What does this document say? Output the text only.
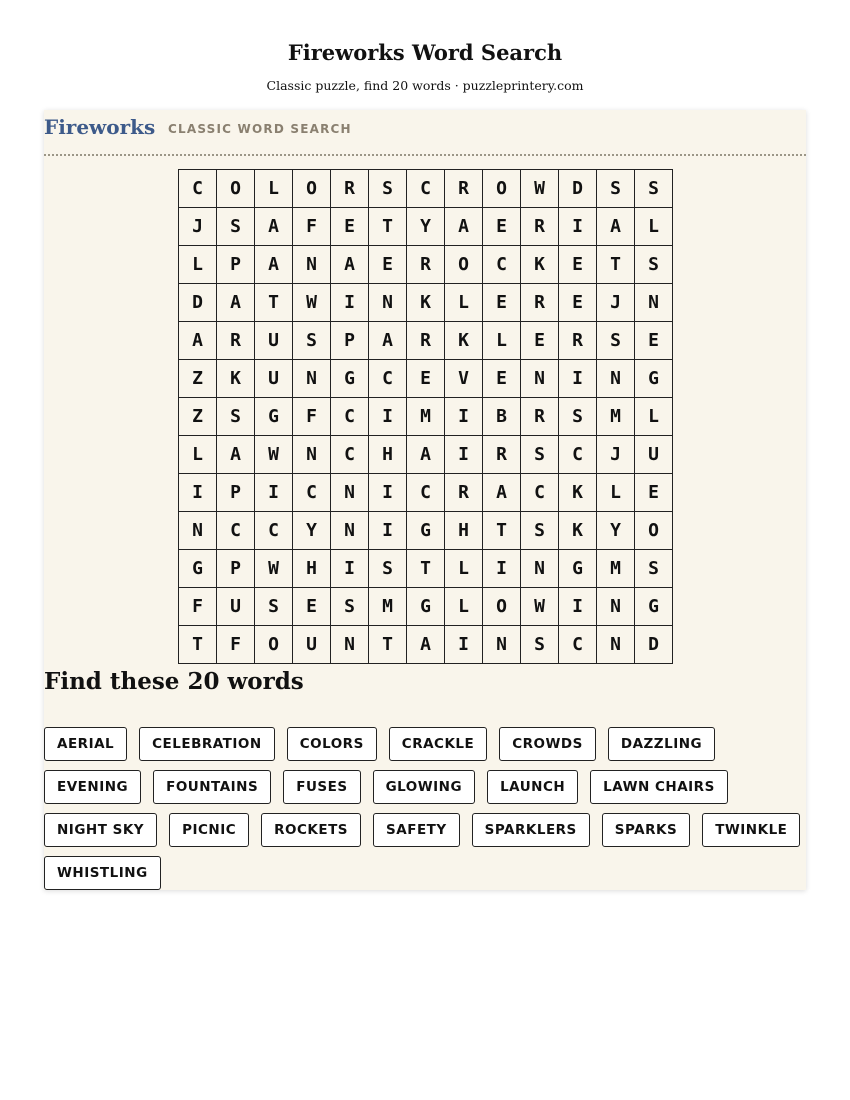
Fireworks Word Search
Classic puzzle, find 20 words · puzzleprintery.com
Fireworks CLASSIC WORD SEARCH
C	O	L	O	R	S	C	R	O	W	D	S	S
J	S	A	F	E	T	Y	A	E	R	I	A	L
L	P	A	N	A	E	R	O	C	K	E	T	S
D	A	T	W	I	N	K	L	E	R	E	J	N
A	R	U	S	P	A	R	K	L	E	R	S	E
Z	K	U	N	G	C	E	V	E	N	I	N	G
Z	S	G	F	C	I	M	I	B	R	S	M	L
L	A	W	N	C	H	A	I	R	S	C	J	U
I	P	I	C	N	I	C	R	A	C	K	L	E
N	C	C	Y	N	I	G	H	T	S	K	Y	O
G	P	W	H	I	S	T	L	I	N	G	M	S
F	U	S	E	S	M	G	L	O	W	I	N	G
T	F	O	U	N	T	A	I	N	S	C	N	D
Find these 20 words
AERIAL	CELEBRATION	COLORS	CRACKLE	CROWDS	DAZZLING
EVENING	FOUNTAINS	FUSES	GLOWING	LAUNCH	LAWN CHAIRS
NIGHT SKY	PICNIC	ROCKETS	SAFETY	SPARKLERS	SPARKS	TWINKLE
WHISTLING
